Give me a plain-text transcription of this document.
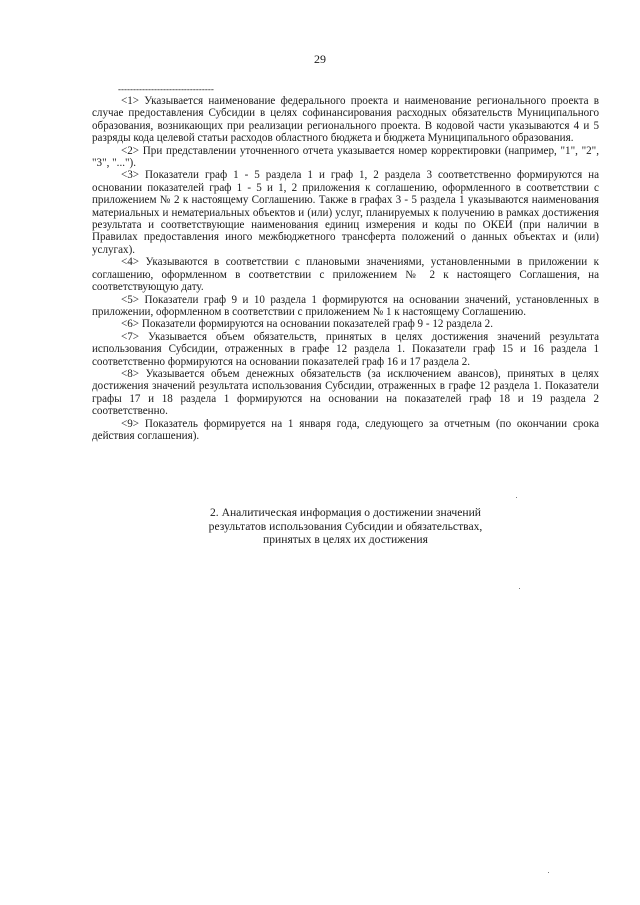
29
--------------------------------

<1> Указывается наименование федерального проекта и наименование регионального проекта в случае предоставления Субсидии в целях софинансирования расходных обязательств Муниципального образования, возникающих при реализации регионального проекта. В кодовой части указываются 4 и 5 разряды кода целевой статьи расходов областного бюджета и бюджета Муниципального образования.

<2> При представлении уточненного отчета указывается номер корректировки (например, "1", "2", "3", "...").

<3> Показатели граф 1 - 5 раздела 1 и граф 1, 2 раздела 3 соответственно формируются на основании показателей граф 1 - 5 и 1, 2 приложения к соглашению, оформленного в соответствии с приложением № 2 к настоящему Соглашению. Также в графах 3 - 5 раздела 1 указываются наименования материальных и нематериальных объектов и (или) услуг, планируемых к получению в рамках достижения результата и соответствующие наименования единиц измерения и коды по ОКЕИ (при наличии в Правилах предоставления иного межбюджетного трансферта положений о данных объектах и (или) услугах).

<4> Указываются в соответствии с плановыми значениями, установленными в приложении к соглашению, оформленном в соответствии с приложением № 2 к настоящего Соглашения, на соответствующую дату.

<5> Показатели граф 9 и 10 раздела 1 формируются на основании значений, установленных в приложении, оформленном в соответствии с приложением № 1 к настоящему Соглашению.

<6> Показатели формируются на основании показателей граф 9 - 12 раздела 2.

<7> Указывается объем обязательств, принятых в целях достижения значений результата использования Субсидии, отраженных в графе 12 раздела 1. Показатели граф 15 и 16 раздела 1 соответственно формируются на основании показателей граф 16 и 17 раздела 2.

<8> Указывается объем денежных обязательств (за исключением авансов), принятых в целях достижения значений результата использования Субсидии, отраженных в графе 12 раздела 1. Показатели графы 17 и 18 раздела 1 формируются на основании на показателей граф 18 и 19 раздела 2 соответственно.

<9> Показатель формируется на 1 января года, следующего за отчетным (по окончании срока действия соглашения).

2. Аналитическая информация о достижении значений
результатов использования Субсидии и обязательствах,
принятых в целях их достижения
